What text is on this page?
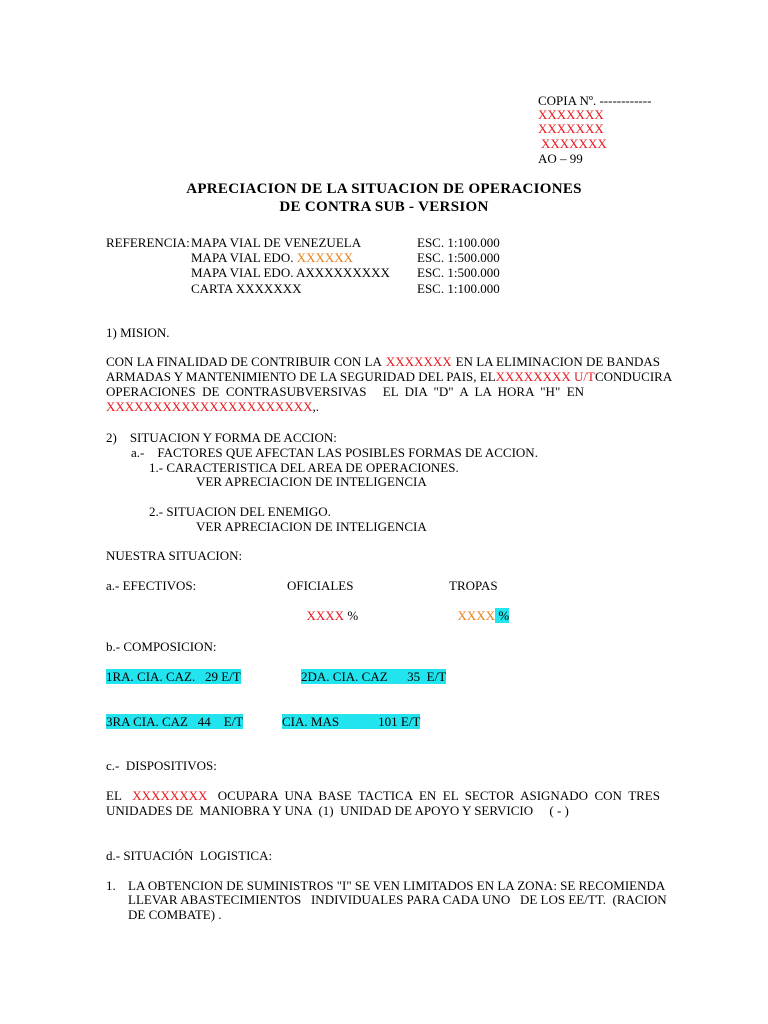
COPIA Nº. ------------
XXXXXXX
XXXXXXX
XXXXXXX
AO – 99
APRECIACION DE LA SITUACION DE OPERACIONES
DE CONTRA SUB - VERSION
REFERENCIA: MAPA VIAL DE VENEZUELA	ESC. 1:100.000
MAPA VIAL EDO. XXXXXX	ESC. 1:500.000
MAPA VIAL EDO. AXXXXXXXXX ESC. 1:500.000
CARTA XXXXXXX	ESC. 1:100.000
1) MISION.
CON LA FINALIDAD DE CONTRIBUIR CON LA XXXXXXX EN LA ELIMINACION DE BANDAS
ARMADAS Y MANTENIMIENTO DE LA SEGURIDAD DEL PAIS, EL XXXXXXXX U/T CONDUCIRA
OPERACIONES  DE  CONTRASUBVERSIVAS     EL  DIA  "D"  A  LA  HORA  "H"  EN
XXXXXXXXXXXXXXXXXXXXXX,.
2)    SITUACION Y FORMA DE ACCION:
a.-    FACTORES QUE AFECTAN LAS POSIBLES FORMAS DE ACCION.
1.- CARACTERISTICA DEL AREA DE OPERACIONES.
VER APRECIACION DE INTELIGENCIA
2.- SITUACION DEL ENEMIGO.
VER APRECIACION DE INTELIGENCIA
NUESTRA SITUACION:
a.- EFECTIVOS:	OFICIALES	TROPAS

XXXX %	XXXX %

b.- COMPOSICION:
1RA. CIA. CAZ.   29 E/T	2DA. CIA. CAZ      35  E/T
3RA CIA. CAZ   44    E/T	CIA. MAS            101 E/T
c.-  DISPOSITIVOS:
EL XXXXXXXX OCUPARA  UNA  BASE  TACTICA  EN  EL  SECTOR  ASIGNADO  CON  TRES
UNIDADES DE  MANIOBRA Y UNA  (1)  UNIDAD DE APOYO Y SERVICIO     ( - )
d.- SITUACIÓN  LOGISTICA:
1. LA OBTENCION DE SUMINISTROS "I" SE VEN LIMITADOS EN LA ZONA: SE RECOMIENDA
LLEVAR ABASTECIMIENTOS   INDIVIDUALES PARA CADA UNO   DE LOS EE/TT.  (RACION
DE COMBATE) .
